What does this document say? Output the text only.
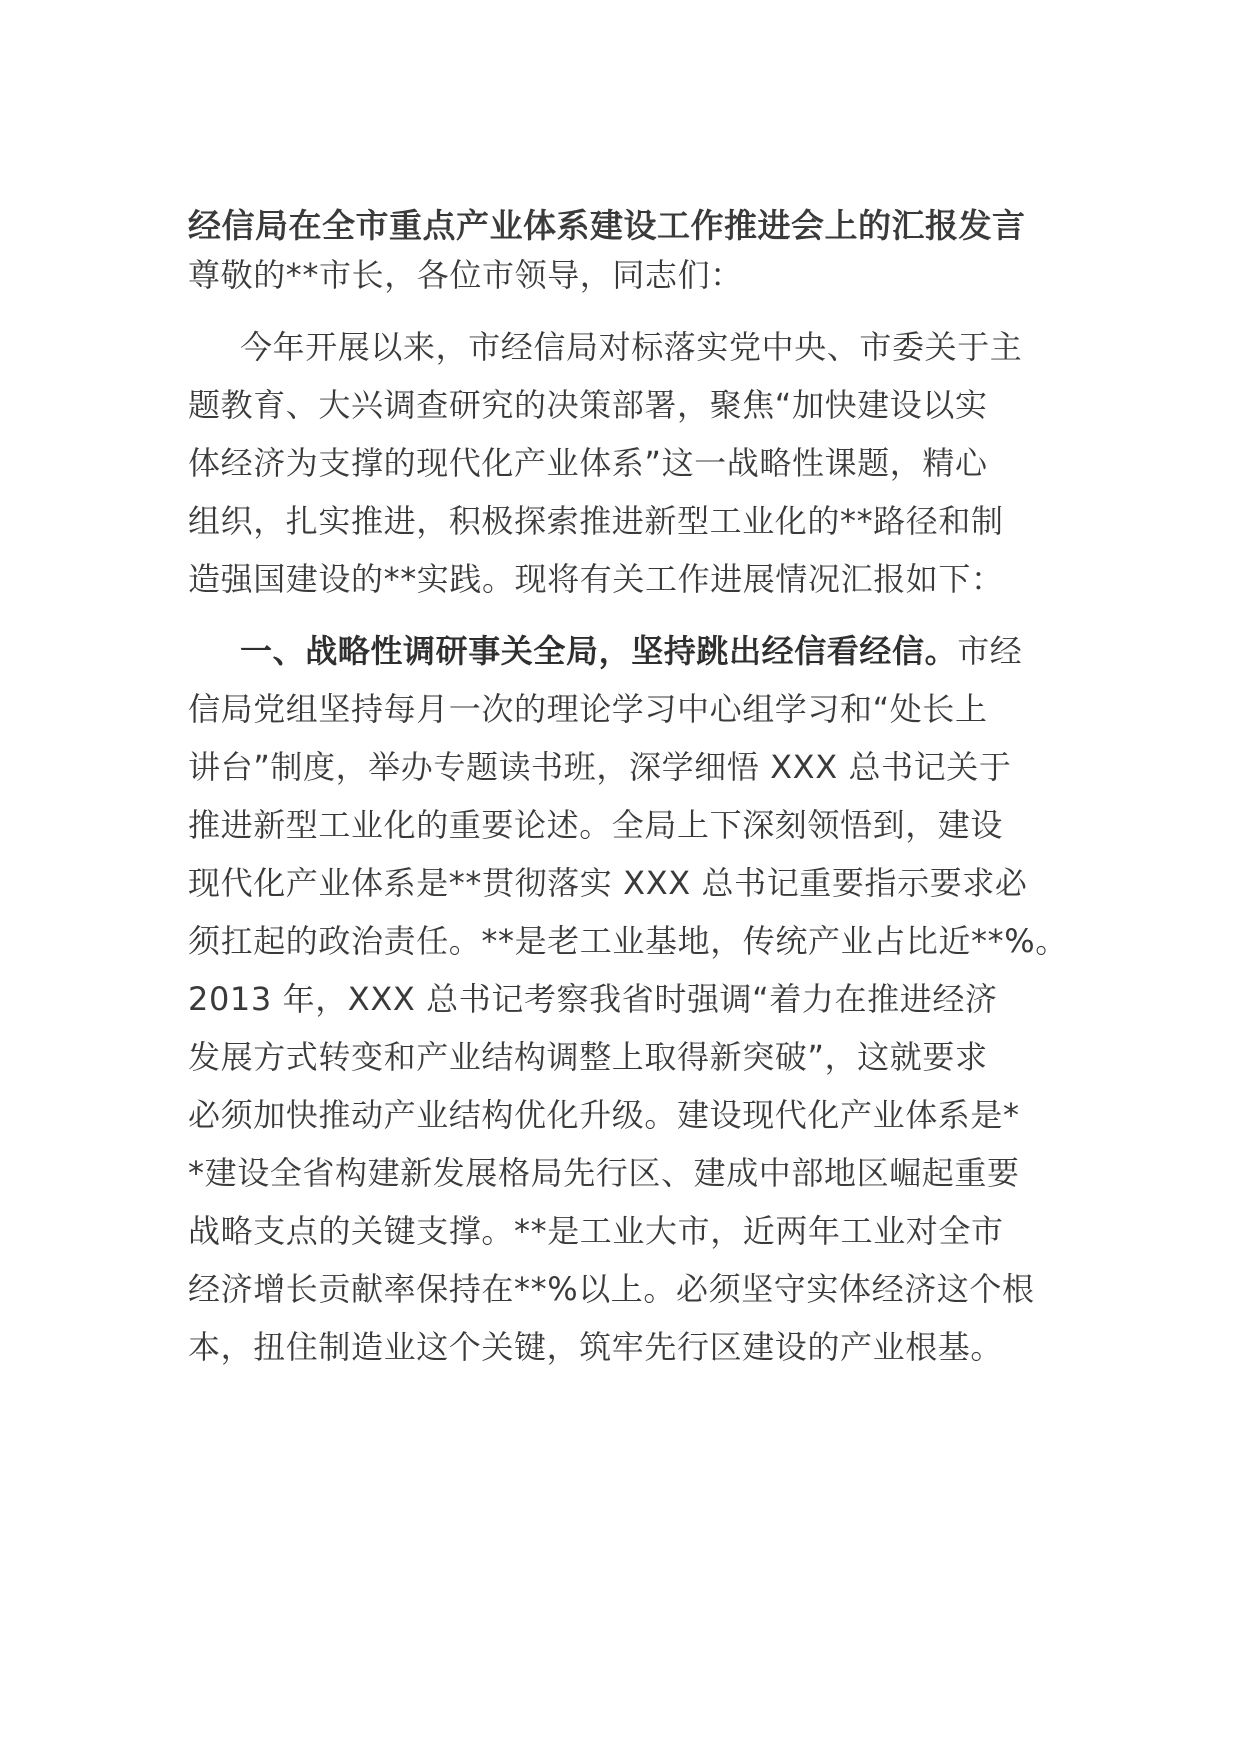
经信局在全市重点产业体系建设工作推进会上的汇报发言
尊敬的**市长，各位市领导，同志们：
今年开展以来，市经信局对标落实党中央、市委关于主
题教育、大兴调查研究的决策部署，聚焦“加快建设以实
体经济为支撑的现代化产业体系”这一战略性课题，精心
组织，扎实推进，积极探索推进新型工业化的**路径和制
造强国建设的**实践。现将有关工作进展情况汇报如下：
一、战略性调研事关全局，坚持跳出经信看经信。市经
信局党组坚持每月一次的理论学习中心组学习和“处长上
讲台”制度，举办专题读书班，深学细悟 XXX 总书记关于
推进新型工业化的重要论述。全局上下深刻领悟到，建设
现代化产业体系是**贯彻落实 XXX 总书记重要指示要求必
须扛起的政治责任。**是老工业基地，传统产业占比近**%。
2013 年，XXX 总书记考察我省时强调“着力在推进经济
发展方式转变和产业结构调整上取得新突破”，这就要求
必须加快推动产业结构优化升级。建设现代化产业体系是*
*建设全省构建新发展格局先行区、建成中部地区崛起重要
战略支点的关键支撑。**是工业大市，近两年工业对全市
经济增长贡献率保持在**%以上。必须坚守实体经济这个根
本，扭住制造业这个关键，筑牢先行区建设的产业根基。
